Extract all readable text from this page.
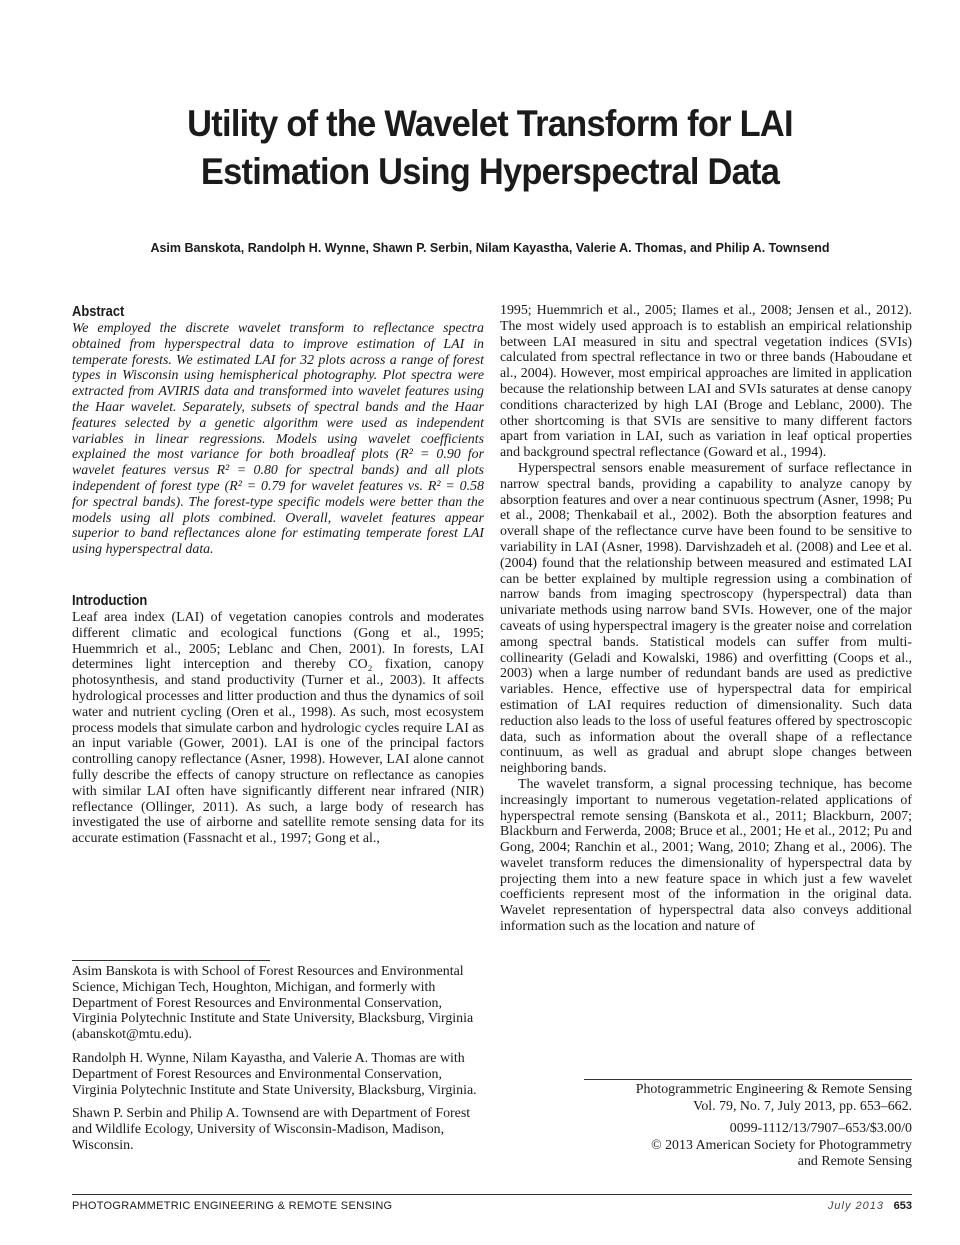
Utility of the Wavelet Transform for LAI Estimation Using Hyperspectral Data

Asim Banskota, Randolph H. Wynne, Shawn P. Serbin, Nilam Kayastha, Valerie A. Thomas, and Philip A. Townsend

Abstract

We employed the discrete wavelet transform to reflectance spectra obtained from hyperspectral data to improve estimation of LAI in temperate forests. We estimated LAI for 32 plots across a range of forest types in Wisconsin using hemispherical photography. Plot spectra were extracted from AVIRIS data and transformed into wavelet features using the Haar wavelet. Separately, subsets of spectral bands and the Haar features selected by a genetic algorithm were used as independent variables in linear regressions. Models using wavelet coefficients explained the most variance for both broadleaf plots (R² = 0.90 for wavelet features versus R² = 0.80 for spectral bands) and all plots independent of forest type (R² = 0.79 for wavelet features vs. R² = 0.58 for spectral bands). The forest-type specific models were better than the models using all plots combined. Overall, wavelet features appear superior to band reflectances alone for estimating temperate forest LAI using hyperspectral data.

Introduction

Leaf area index (LAI) of vegetation canopies controls and moderates different climatic and ecological functions (Gong et al., 1995; Huemmrich et al., 2005; Leblanc and Chen, 2001). In forests, LAI determines light interception and thereby CO₂ fixation, canopy photosynthesis, and stand productivity (Turner et al., 2003). It affects hydrological processes and litter production and thus the dynamics of soil water and nutrient cycling (Oren et al., 1998). As such, most ecosystem process models that simulate carbon and hydrologic cycles require LAI as an input variable (Gower, 2001). LAI is one of the principal factors controlling canopy reflectance (Asner, 1998). However, LAI alone cannot fully describe the effects of canopy structure on reflectance as canopies with similar LAI often have significantly different near infrared (NIR) reflectance (Ollinger, 2011). As such, a large body of research has investigated the use of airborne and satellite remote sensing data for its accurate estimation (Fassnacht et al., 1997; Gong et al.,

1995; Huemmrich et al., 2005; Ilames et al., 2008; Jensen et al., 2012). The most widely used approach is to establish an empirical relationship between LAI measured in situ and spectral vegetation indices (SVIs) calculated from spectral reflectance in two or three bands (Haboudane et al., 2004). However, most empirical approaches are limited in application because the relationship between LAI and SVIs saturates at dense canopy conditions characterized by high LAI (Broge and Leblanc, 2000). The other shortcoming is that SVIs are sensitive to many different factors apart from variation in LAI, such as variation in leaf optical properties and background spectral reflectance (Goward et al., 1994).

Hyperspectral sensors enable measurement of surface reflectance in narrow spectral bands, providing a capability to analyze canopy by absorption features and over a near continuous spectrum (Asner, 1998; Pu et al., 2008; Thenkabail et al., 2002). Both the absorption features and overall shape of the reflectance curve have been found to be sensitive to variability in LAI (Asner, 1998). Darvishzadeh et al. (2008) and Lee et al. (2004) found that the relationship between measured and estimated LAI can be better explained by multiple regression using a combination of narrow bands from imaging spectroscopy (hyperspectral) data than univariate methods using narrow band SVIs. However, one of the major caveats of using hyperspectral imagery is the greater noise and correlation among spectral bands. Statistical models can suffer from multi-collinearity (Geladi and Kowalski, 1986) and overfitting (Coops et al., 2003) when a large number of redundant bands are used as predictive variables. Hence, effective use of hyperspectral data for empirical estimation of LAI requires reduction of dimensionality. Such data reduction also leads to the loss of useful features offered by spectroscopic data, such as information about the overall shape of a reflectance continuum, as well as gradual and abrupt slope changes between neighboring bands.

The wavelet transform, a signal processing technique, has become increasingly important to numerous vegetation-related applications of hyperspectral remote sensing (Banskota et al., 2011; Blackburn, 2007; Blackburn and Ferwerda, 2008; Bruce et al., 2001; He et al., 2012; Pu and Gong, 2004; Ranchin et al., 2001; Wang, 2010; Zhang et al., 2006). The wavelet transform reduces the dimensionality of hyperspectral data by projecting them into a new feature space in which just a few wavelet coefficients represent most of the information in the original data. Wavelet representation of hyperspectral data also conveys additional information such as the location and nature of

Asim Banskota is with School of Forest Resources and Environmental Science, Michigan Tech, Houghton, Michigan, and formerly with Department of Forest Resources and Environmental Conservation, Virginia Polytechnic Institute and State University, Blacksburg, Virginia (abanskot@mtu.edu).

Randolph H. Wynne, Nilam Kayastha, and Valerie A. Thomas are with Department of Forest Resources and Environmental Conservation, Virginia Polytechnic Institute and State University, Blacksburg, Virginia.

Shawn P. Serbin and Philip A. Townsend are with Department of Forest and Wildlife Ecology, University of Wisconsin-Madison, Madison, Wisconsin.

Photogrammetric Engineering & Remote Sensing

Vol. 79, No. 7, July 2013, pp. 653–662.

0099-1112/13/7907–653/$3.00/0

© 2013 American Society for Photogrammetry

and Remote Sensing

PHOTOGRAMMETRIC ENGINEERING & REMOTE SENSING	July 2013 653
